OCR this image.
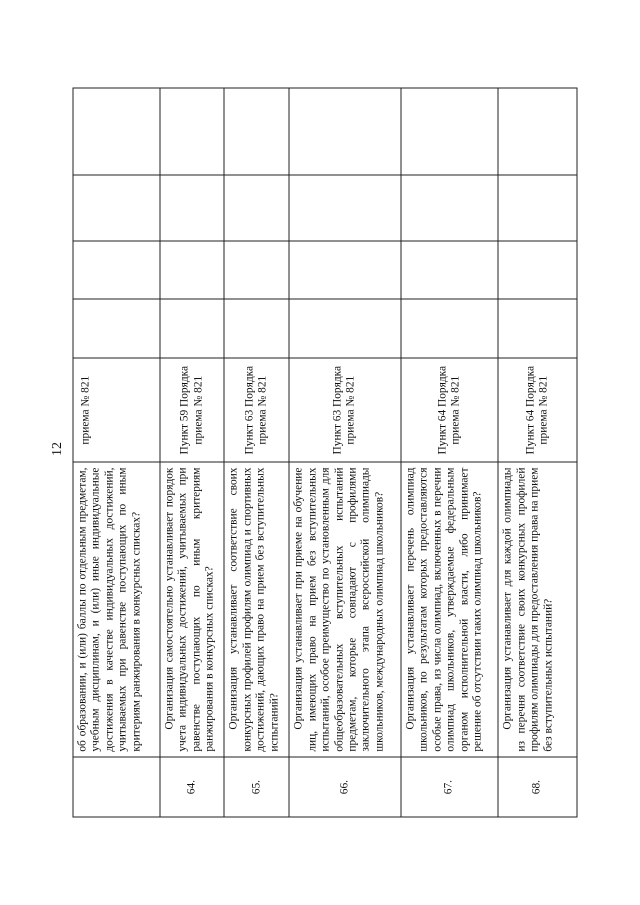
12
об образовании, и (или) баллы по отдельным предметам, учебным дисциплинам, и (или) иные индивидуальные достижения в качестве индивидуальных достижений, учитываемых при равенстве поступающих по иным критериям ранжирования в конкурсных списках?
приема № 821
64.
Организация самостоятельно устанавливает порядок учета индивидуальных достижений, учитываемых при равенстве поступающих по иным критериям ранжирования в конкурсных списках?
Пункт 59 Порядка приема № 821
65.
Организация устанавливает соответствие своих конкурсных профилей профилям олимпиад и спортивных достижений, дающих право на прием без вступительных испытаний?
Пункт 63 Порядка приема № 821
66.
Организация устанавливает при приеме на обучение лиц, имеющих право на прием без вступительных испытаний, особое преимущество по установленным для общеобразовательных вступительных испытаний предметам, которые совпадают с профилями заключительного этапа всероссийской олимпиады школьников, международных олимпиад школьников?
Пункт 63 Порядка приема № 821
67.
Организация устанавливает перечень олимпиад школьников, по результатам которых предоставляются особые права, из числа олимпиад, включенных в перечни олимпиад школьников, утверждаемые федеральным органом исполнительной власти, либо принимает решение об отсутствии таких олимпиад школьников?
Пункт 64 Порядка приема № 821
68.
Организация устанавливает для каждой олимпиады из перечня соответствие своих конкурсных профилей профилям олимпиады для предоставления права на прием без вступительных испытаний?
Пункт 64 Порядка приема № 821
